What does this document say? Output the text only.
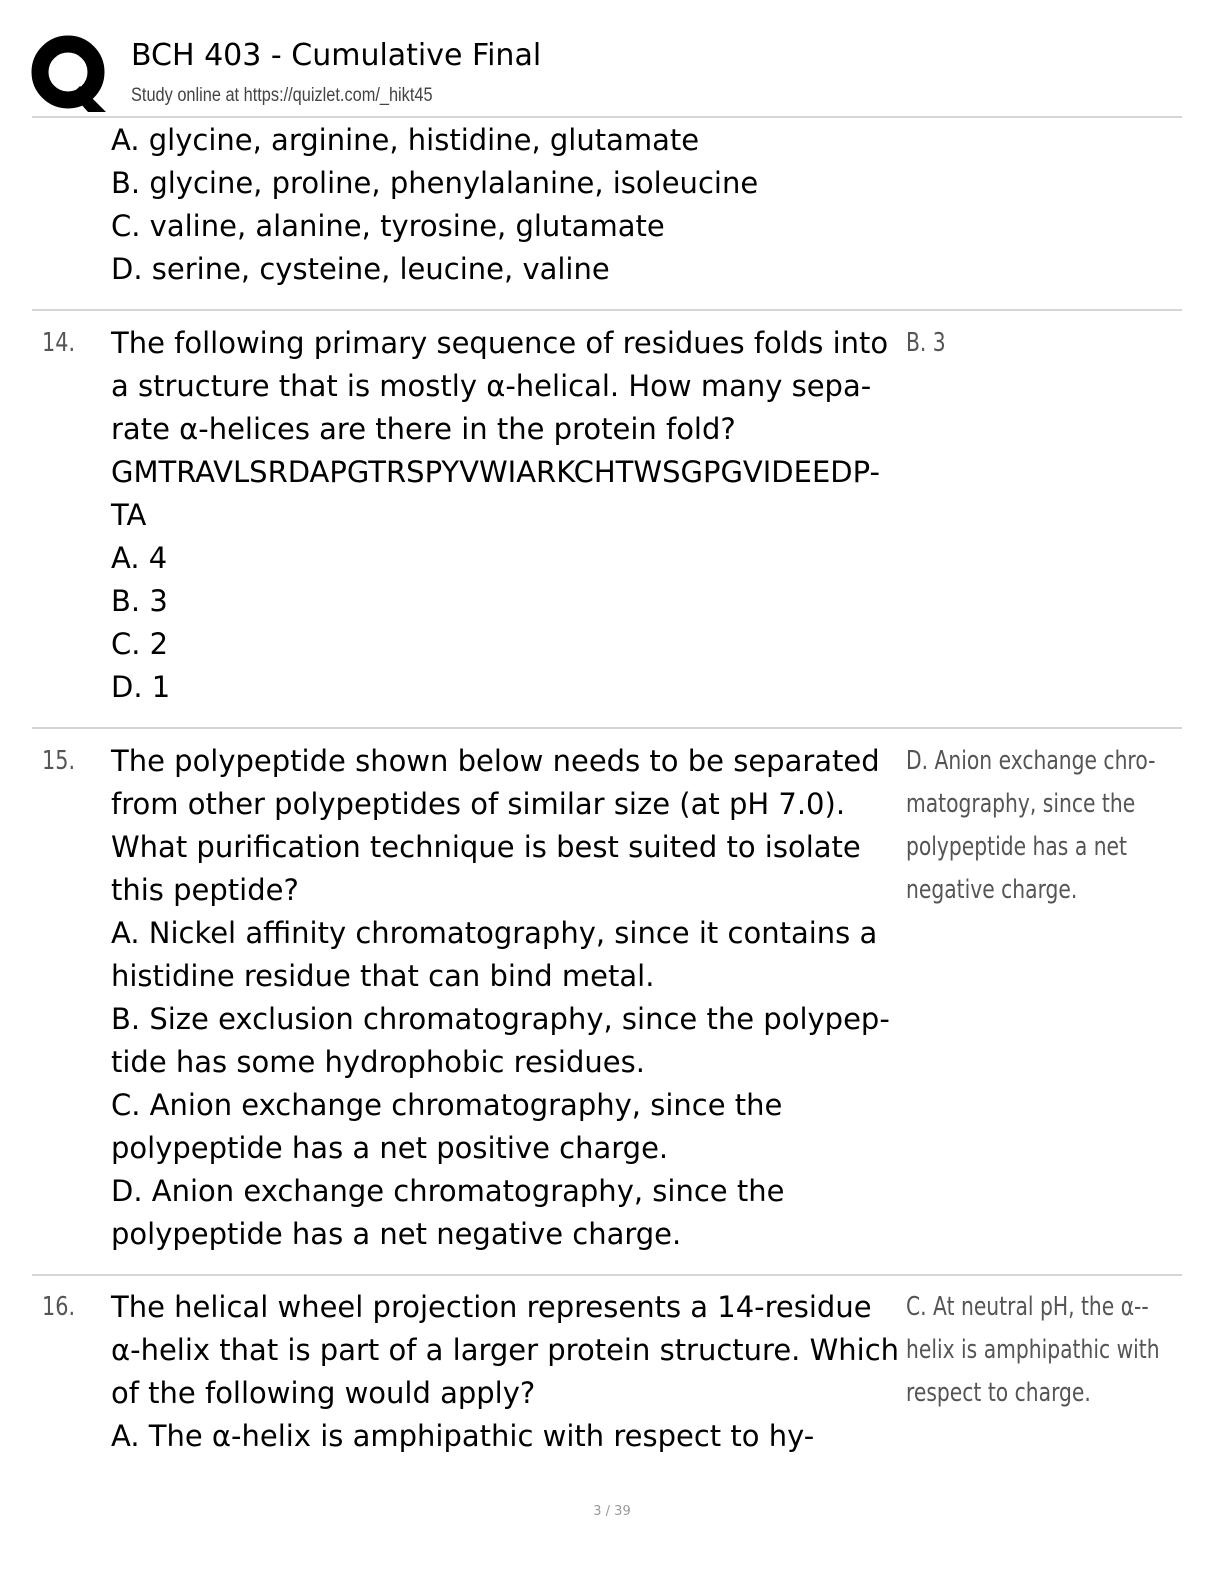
BCH 403 - Cumulative Final
Study online at https://quizlet.com/_hikt45
A. glycine, arginine, histidine, glutamate
B. glycine, proline, phenylalanine, isoleucine
C. valine, alanine, tyrosine, glutamate
D. serine, cysteine, leucine, valine
14. The following primary sequence of residues folds into
a structure that is mostly α-helical. How many sepa-
rate α-helices are there in the protein fold?
GMTRAVLSRDAPGTRSPYVWIARKCHTWSGPGVIDEEDP-
TA
A. 4
B. 3
C. 2
D. 1
B. 3
15. The polypeptide shown below needs to be separated
from other polypeptides of similar size (at pH 7.0).
What purification technique is best suited to isolate
this peptide?
A. Nickel affinity chromatography, since it contains a
histidine residue that can bind metal.
B. Size exclusion chromatography, since the polypep-
tide has some hydrophobic residues.
C. Anion exchange chromatography, since the
polypeptide has a net positive charge.
D. Anion exchange chromatography, since the
polypeptide has a net negative charge.
D. Anion exchange chro-
matography, since the
polypeptide has a net
negative charge.
16. The helical wheel projection represents a 14-residue
α-helix that is part of a larger protein structure. Which
of the following would apply?
A. The α-helix is amphipathic with respect to hy-
C. At neutral pH, the α--
helix is amphipathic with
respect to charge.
3 / 39
